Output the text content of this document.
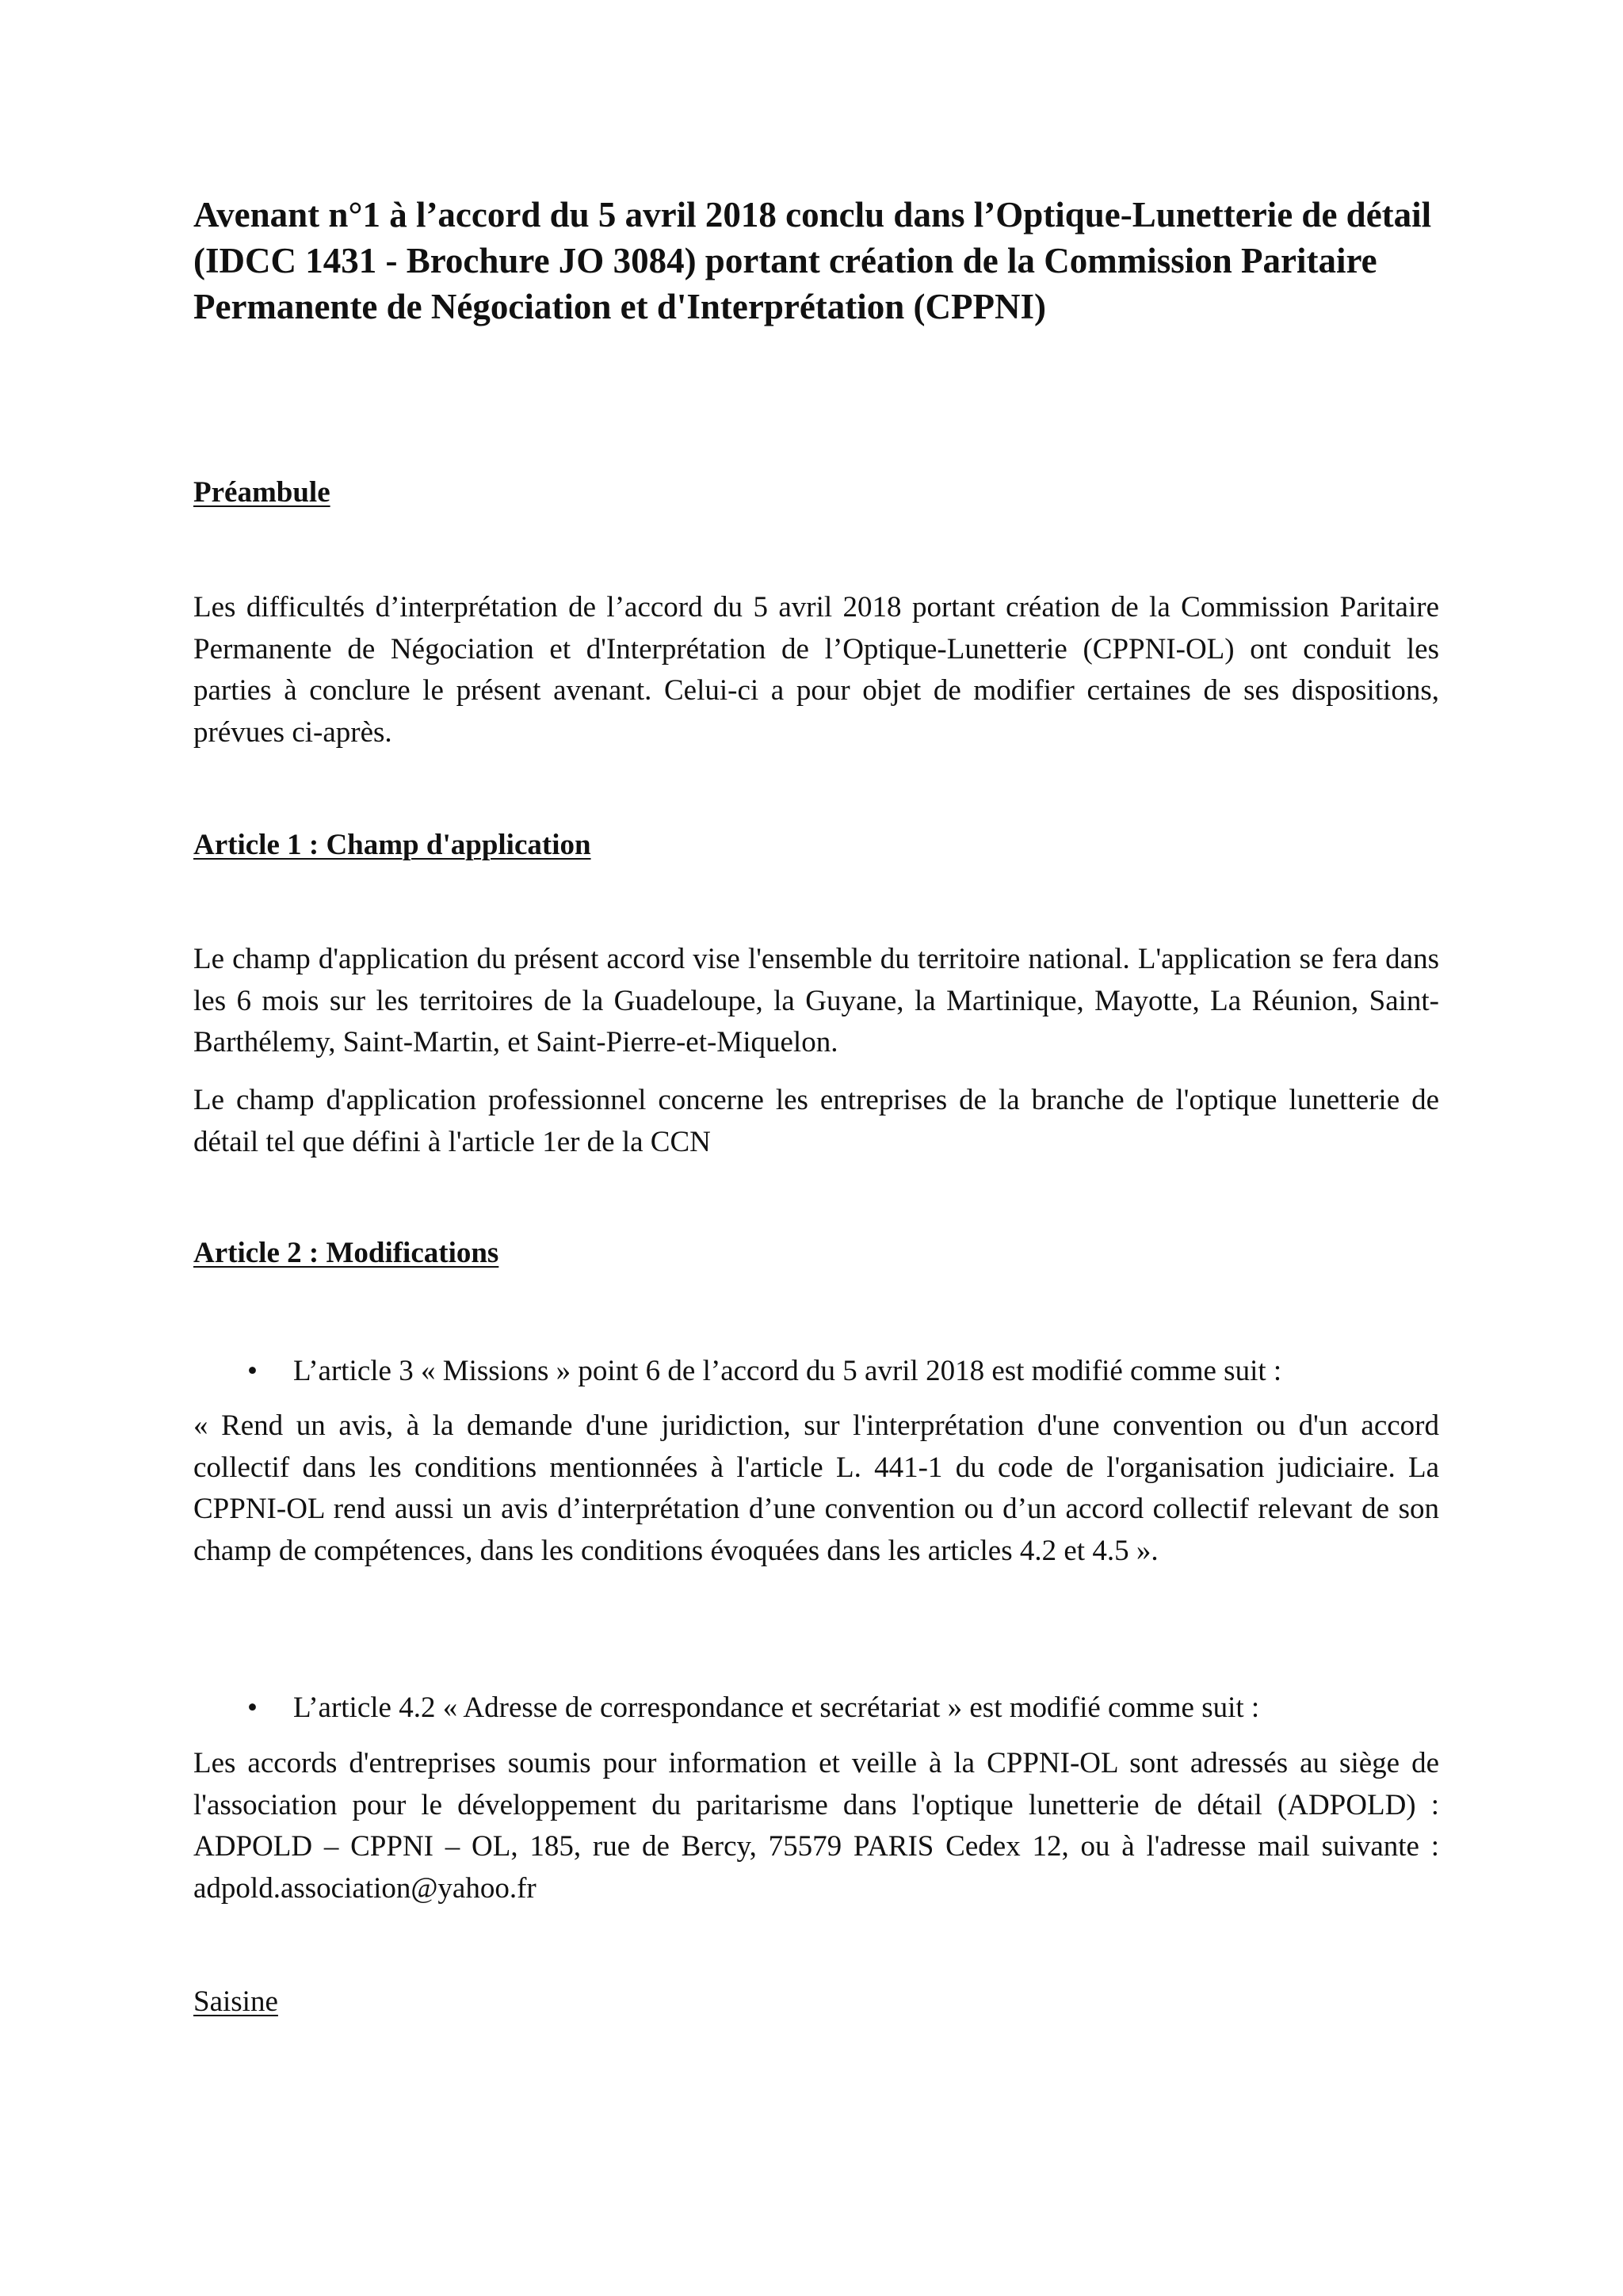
Avenant n°1 à l’accord du 5 avril 2018 conclu dans l’Optique-Lunetterie de détail (IDCC 1431 - Brochure JO 3084) portant création de la Commission Paritaire Permanente de Négociation et d'Interprétation (CPPNI)
Préambule

Les difficultés d’interprétation de l’accord du 5 avril 2018 portant création de la Commission Paritaire Permanente de Négociation et d'Interprétation de l’Optique-Lunetterie (CPPNI-OL) ont conduit les parties à conclure le présent avenant. Celui-ci a pour objet de modifier certaines de ses dispositions, prévues ci-après.

Article 1 : Champ d'application

Le champ d'application du présent accord vise l'ensemble du territoire national. L'application se fera dans les 6 mois sur les territoires de la Guadeloupe, la Guyane, la Martinique, Mayotte, La Réunion, Saint-Barthélemy, Saint-Martin, et Saint-Pierre-et-Miquelon.

Le champ d'application professionnel concerne les entreprises de la branche de l'optique lunetterie de détail tel que défini à l'article 1er de la CCN

Article 2 : Modifications
• L’article 3 « Missions » point 6 de l’accord du 5 avril 2018 est modifié comme suit :

« Rend un avis, à la demande d'une juridiction, sur l'interprétation d'une convention ou d'un accord collectif dans les conditions mentionnées à l'article L. 441-1 du code de l'organisation judiciaire. La CPPNI-OL rend aussi un avis d’interprétation d’une convention ou d’un accord collectif relevant de son champ de compétences, dans les conditions évoquées dans les articles 4.2 et 4.5 ».

• L’article 4.2 « Adresse de correspondance et secrétariat » est modifié comme suit :

Les accords d'entreprises soumis pour information et veille à la CPPNI-OL sont adressés au siège de l'association pour le développement du paritarisme dans l'optique lunetterie de détail (ADPOLD) : ADPOLD – CPPNI – OL, 185, rue de Bercy, 75579 PARIS Cedex 12, ou à l'adresse mail suivante : adpold.association@yahoo.fr

Saisine
